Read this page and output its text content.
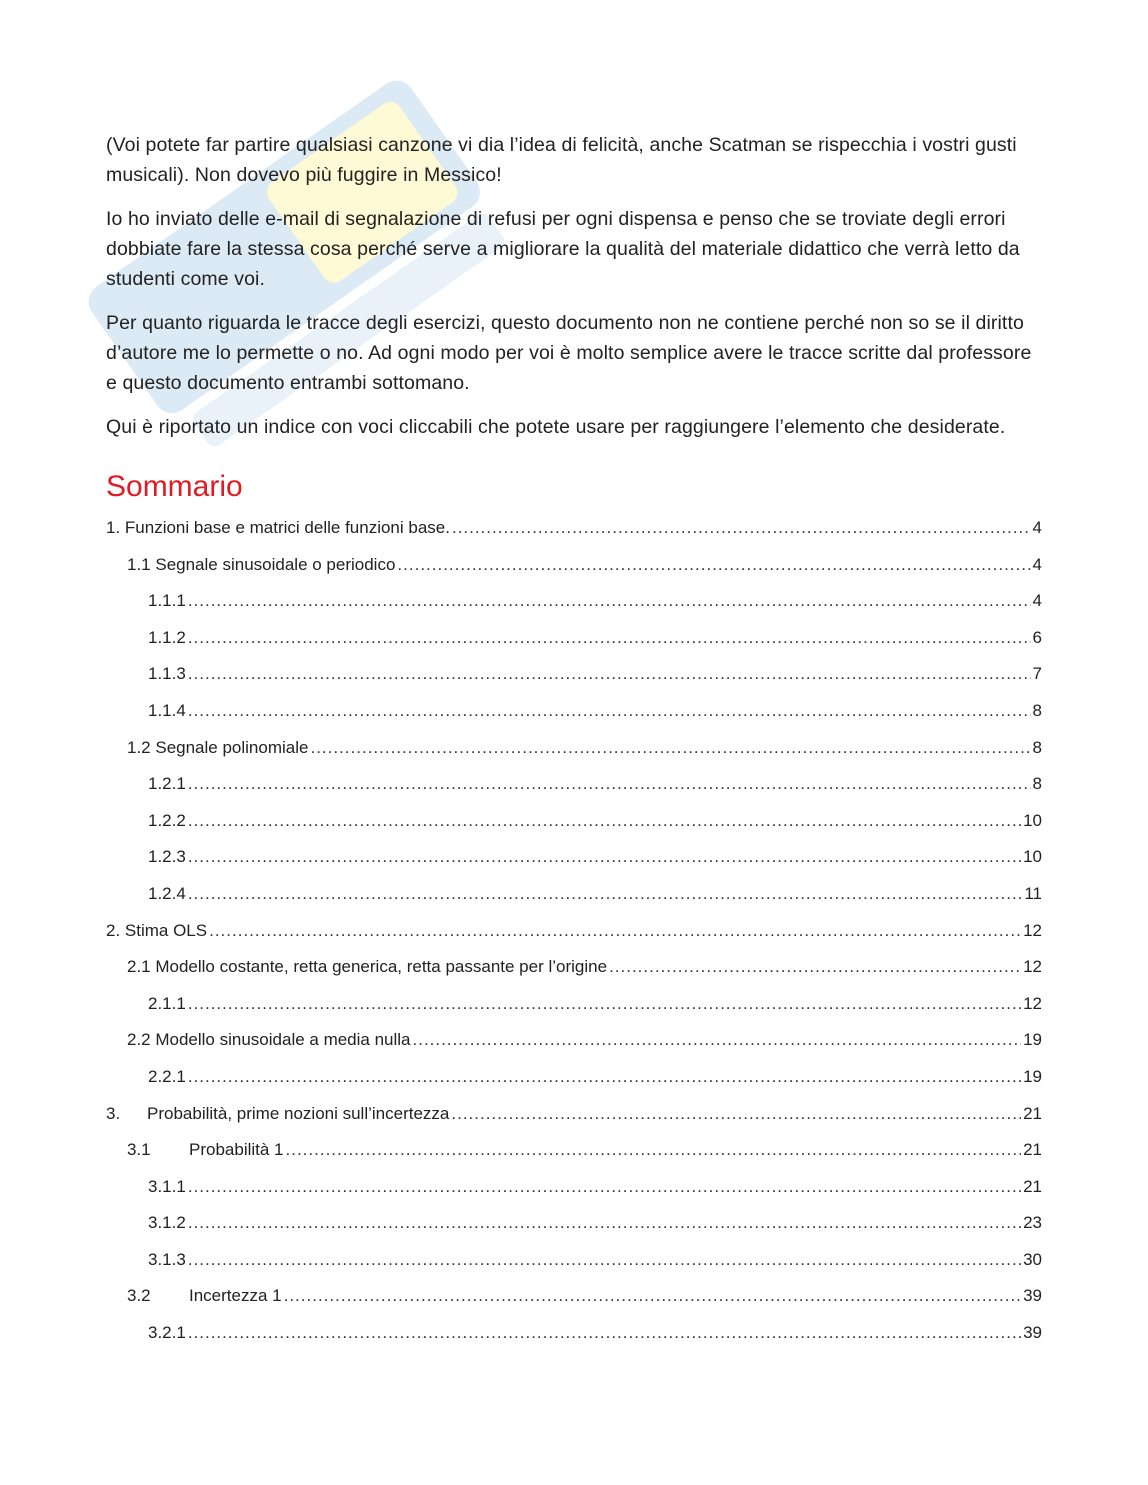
(Voi potete far partire qualsiasi canzone vi dia l’idea di felicità, anche Scatman se rispecchia i vostri gusti musicali). Non dovevo più fuggire in Messico!

Io ho inviato delle e-mail di segnalazione di refusi per ogni dispensa e penso che se troviate degli errori dobbiate fare la stessa cosa perché serve a migliorare la qualità del materiale didattico che verrà letto da studenti come voi.

Per quanto riguarda le tracce degli esercizi, questo documento non ne contiene perché non so se il diritto d’autore me lo permette o no. Ad ogni modo per voi è molto semplice avere le tracce scritte dal professore e questo documento entrambi sottomano.

Qui è riportato un indice con voci cliccabili che potete usare per raggiungere l’elemento che desiderate.

Sommario
1. Funzioni base e matrici delle funzioni base. .....	4
1.1 Segnale sinusoidale o periodico .....	4
1.1.1 .....	4
1.1.2 .....	6
1.1.3 .....	7
1.1.4 .....	8
1.2 Segnale polinomiale .....	8
1.2.1 .....	8
1.2.2 .....	10
1.2.3 .....	10
1.2.4 .....	11
2. Stima OLS .....	12
2.1 Modello costante, retta generica, retta passante per l’origine .....	12
2.1.1 .....	12
2.2 Modello sinusoidale a media nulla .....	19
2.2.1 .....	19
3.	Probabilità, prime nozioni sull’incertezza .....	21
3.1	Probabilità 1 .....	21
3.1.1 .....	21
3.1.2 .....	23
3.1.3 .....	30
3.2	Incertezza 1 .....	39
3.2.1 .....	39
